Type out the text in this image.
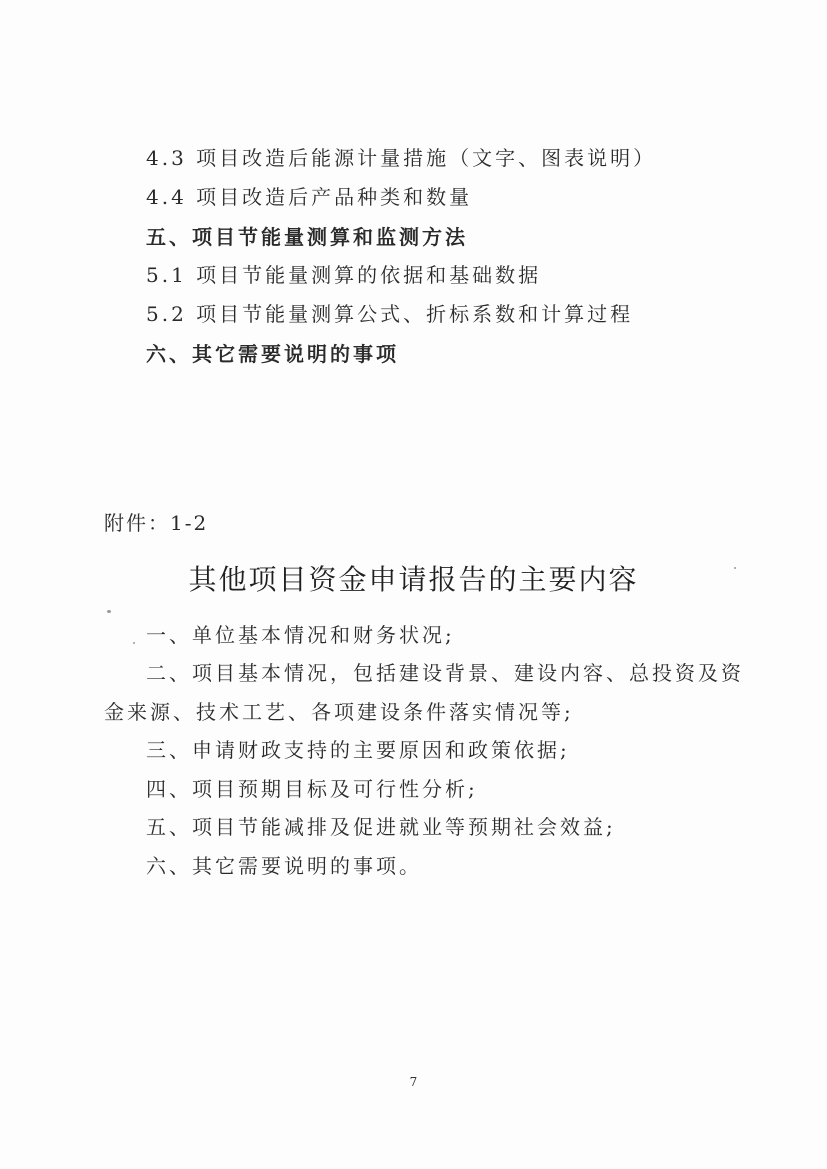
4.3 项目改造后能源计量措施（文字、图表说明）
4.4 项目改造后产品种类和数量
五、项目节能量测算和监测方法
5.1 项目节能量测算的依据和基础数据
5.2 项目节能量测算公式、折标系数和计算过程
六、其它需要说明的事项
附件：1-2
其他项目资金申请报告的主要内容
一、单位基本情况和财务状况;
二、项目基本情况，包括建设背景、建设内容、总投资及资
金来源、技术工艺、各项建设条件落实情况等;
三、申请财政支持的主要原因和政策依据;
四、项目预期目标及可行性分析;
五、项目节能减排及促进就业等预期社会效益;
六、其它需要说明的事项。
7
